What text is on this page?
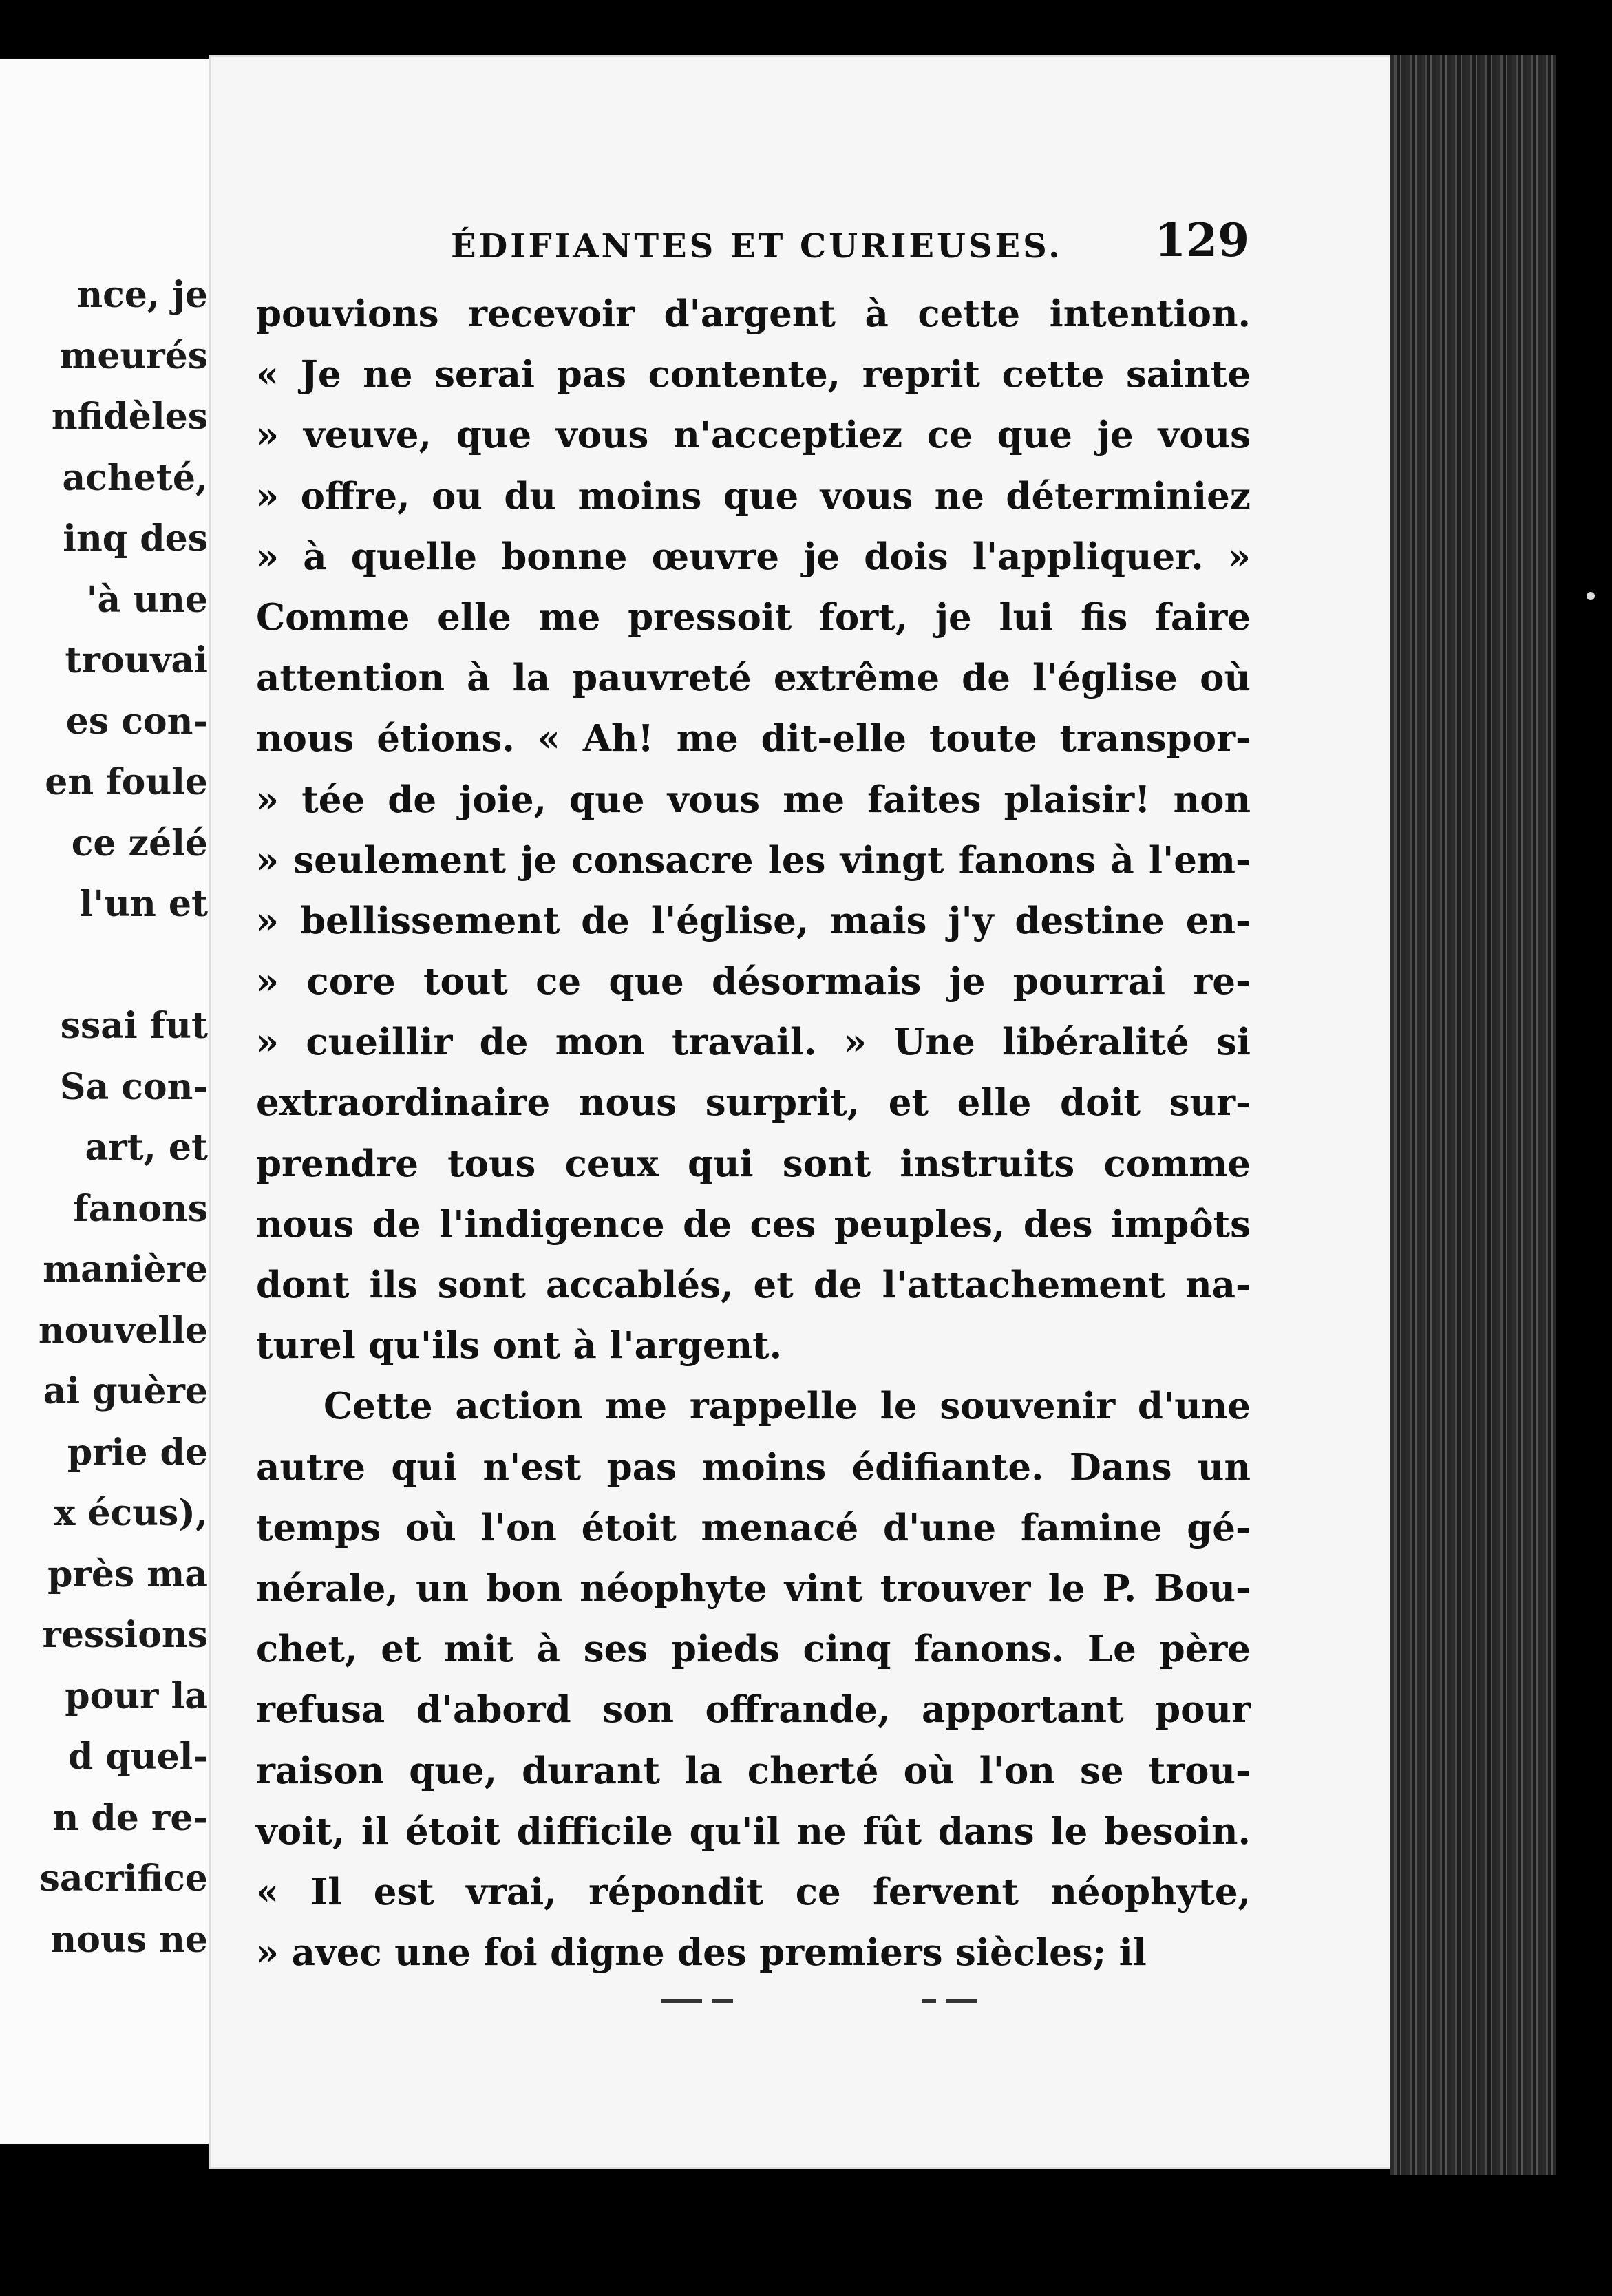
nce, je
meurés
nfidèles
acheté,
inq des
'à une
trouvai
es con-
en foule
ce zélé
l'un et
ssai fut
Sa con-
art, et
fanons
manière
nouvelle
ai guère
prie de
x écus),
près ma
ressions
pour la
d quel-
n de re-
sacrifice
nous ne
ÉDIFIANTES ET CURIEUSES. 129
pouvions recevoir d'argent à cette intention.
« Je ne serai pas contente, reprit cette sainte
» veuve, que vous n'acceptiez ce que je vous
» offre, ou du moins que vous ne déterminiez
» à quelle bonne œuvre je dois l'appliquer. »
Comme elle me pressoit fort, je lui fis faire
attention à la pauvreté extrême de l'église où
nous étions. « Ah! me dit-elle toute transpor-
» tée de joie, que vous me faites plaisir! non
» seulement je consacre les vingt fanons à l'em-
» bellissement de l'église, mais j'y destine en-
» core tout ce que désormais je pourrai re-
» cueillir de mon travail. » Une libéralité si
extraordinaire nous surprit, et elle doit sur-
prendre tous ceux qui sont instruits comme
nous de l'indigence de ces peuples, des impôts
dont ils sont accablés, et de l'attachement na-
turel qu'ils ont à l'argent.
Cette action me rappelle le souvenir d'une
autre qui n'est pas moins édifiante. Dans un
temps où l'on étoit menacé d'une famine gé-
nérale, un bon néophyte vint trouver le P. Bou-
chet, et mit à ses pieds cinq fanons. Le père
refusa d'abord son offrande, apportant pour
raison que, durant la cherté où l'on se trou-
voit, il étoit difficile qu'il ne fût dans le besoin.
« Il est vrai, répondit ce fervent néophyte,
» avec une foi digne des premiers siècles; il
